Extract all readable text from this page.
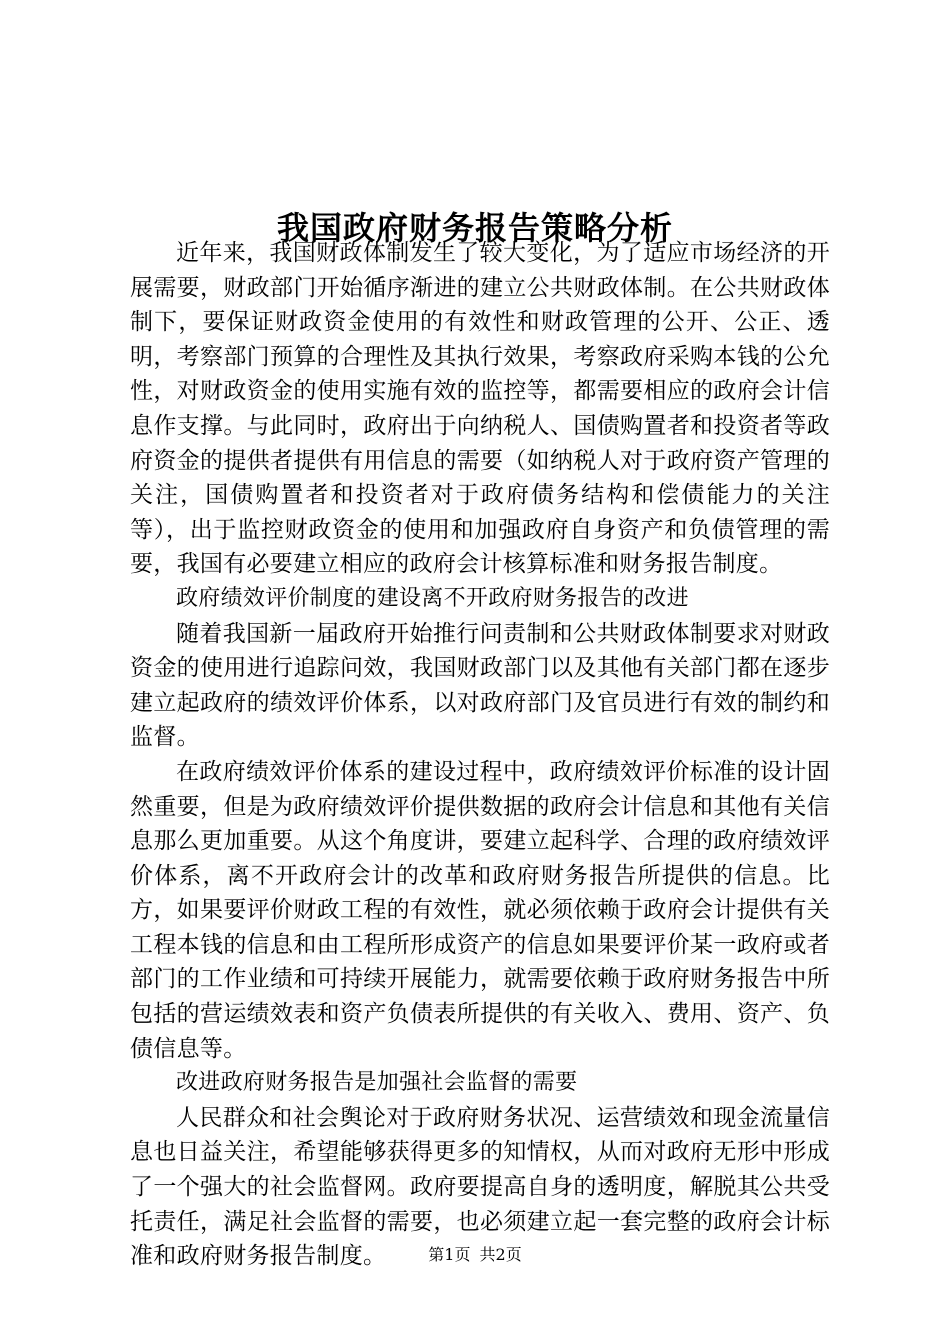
我国政府财务报告策略分析

近年来，我国财政体制发生了较大变化，为了适应市场经济的开展需要，财政部门开始循序渐进的建立公共财政体制。在公共财政体制下，要保证财政资金使用的有效性和财政管理的公开、公正、透明，考察部门预算的合理性及其执行效果，考察政府采购本钱的公允性，对财政资金的使用实施有效的监控等，都需要相应的政府会计信息作支撑。与此同时，政府出于向纳税人、国债购置者和投资者等政府资金的提供者提供有用信息的需要（如纳税人对于政府资产管理的关注，国债购置者和投资者对于政府债务结构和偿债能力的关注等），出于监控财政资金的使用和加强政府自身资产和负债管理的需要，我国有必要建立相应的政府会计核算标准和财务报告制度。

政府绩效评价制度的建设离不开政府财务报告的改进

随着我国新一届政府开始推行问责制和公共财政体制要求对财政资金的使用进行追踪问效，我国财政部门以及其他有关部门都在逐步建立起政府的绩效评价体系，以对政府部门及官员进行有效的制约和监督。

在政府绩效评价体系的建设过程中，政府绩效评价标准的设计固然重要，但是为政府绩效评价提供数据的政府会计信息和其他有关信息那么更加重要。从这个角度讲，要建立起科学、合理的政府绩效评价体系，离不开政府会计的改革和政府财务报告所提供的信息。比方，如果要评价财政工程的有效性，就必须依赖于政府会计提供有关工程本钱的信息和由工程所形成资产的信息如果要评价某一政府或者部门的工作业绩和可持续开展能力，就需要依赖于政府财务报告中所包括的营运绩效表和资产负债表所提供的有关收入、费用、资产、负债信息等。

改进政府财务报告是加强社会监督的需要

人民群众和社会舆论对于政府财务状况、运营绩效和现金流量信息也日益关注，希望能够获得更多的知情权，从而对政府无形中形成了一个强大的社会监督网。政府要提高自身的透明度，解脱其公共受托责任，满足社会监督的需要，也必须建立起一套完整的政府会计标准和政府财务报告制度。	第1页 共2页
